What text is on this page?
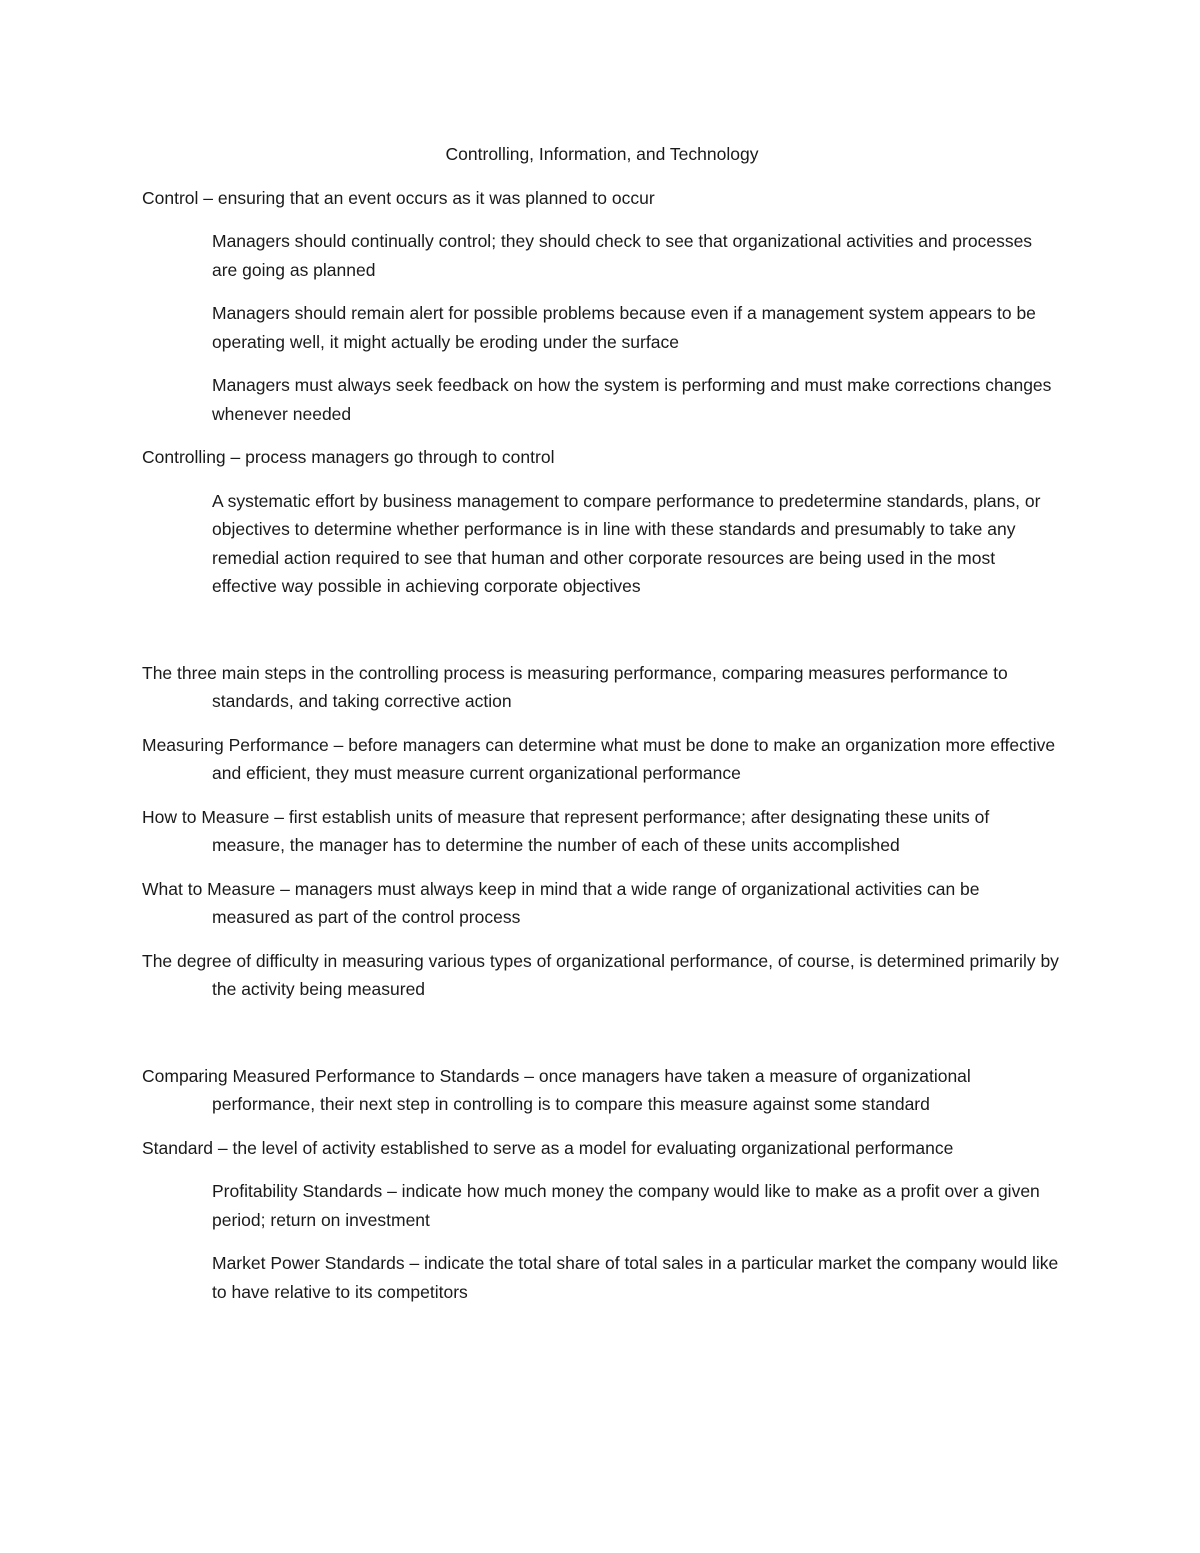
Controlling, Information, and Technology
Control – ensuring that an event occurs as it was planned to occur
Managers should continually control; they should check to see that organizational activities and processes are going as planned
Managers should remain alert for possible problems because even if a management system appears to be operating well, it might actually be eroding under the surface
Managers must always seek feedback on how the system is performing and must make corrections changes whenever needed
Controlling – process managers go through to control
A systematic effort by business management to compare performance to predetermine standards, plans, or objectives to determine whether performance is in line with these standards and presumably to take any remedial action required to see that human and other corporate resources are being used in the most effective way possible in achieving corporate objectives
The three main steps in the controlling process is measuring performance, comparing measures performance to standards, and taking corrective action
Measuring Performance – before managers can determine what must be done to make an organization more effective and efficient, they must measure current organizational performance
How to Measure – first establish units of measure that represent performance; after designating these units of measure, the manager has to determine the number of each of these units accomplished
What to Measure – managers must always keep in mind that a wide range of organizational activities can be measured as part of the control process
The degree of difficulty in measuring various types of organizational performance, of course, is determined primarily by the activity being measured
Comparing Measured Performance to Standards – once managers have taken a measure of organizational performance, their next step in controlling is to compare this measure against some standard
Standard – the level of activity established to serve as a model for evaluating organizational performance
Profitability Standards – indicate how much money the company would like to make as a profit over a given period; return on investment
Market Power Standards – indicate the total share of total sales in a particular market the company would like to have relative to its competitors
